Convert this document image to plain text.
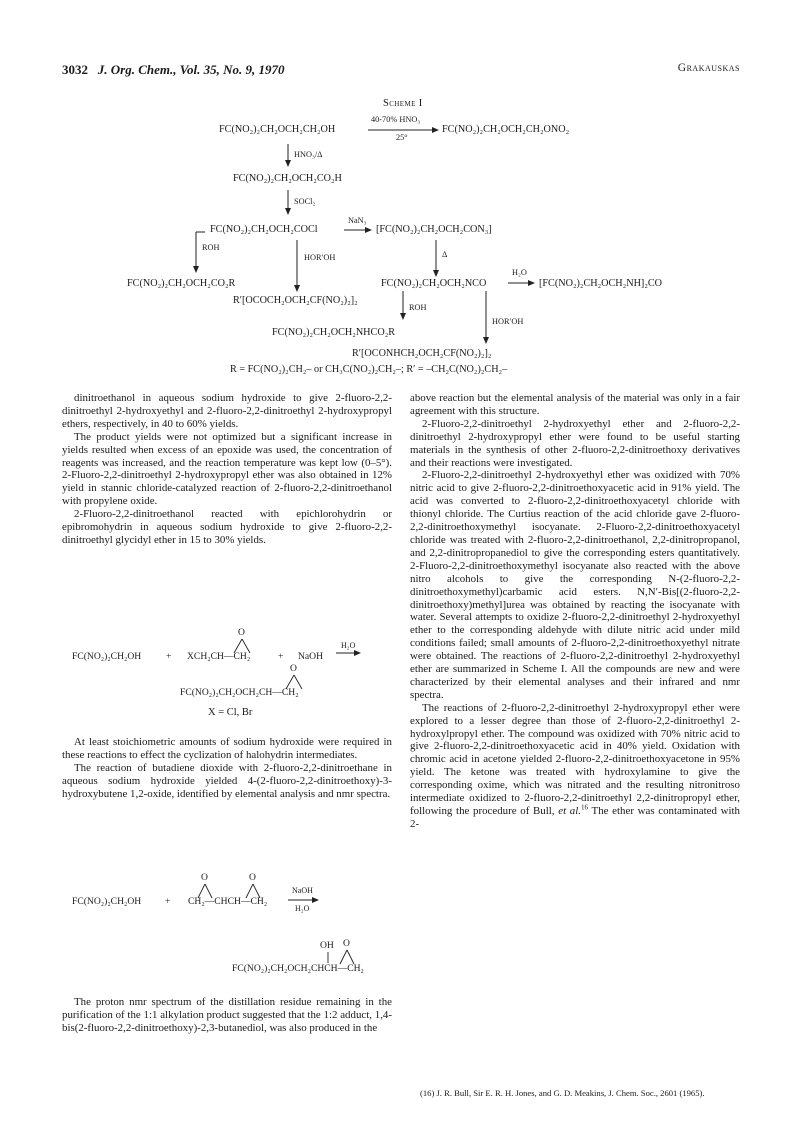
3032 J. Org. Chem., Vol. 35, No. 9, 1970	Grakauskas
Scheme I
FC(NO₂)₂CH₂OCH₂CH₂OH
40-70% HNO₃
25°
FC(NO₂)₂CH₂OCH₂CH₂ONO₂
HNO₃/Δ
FC(NO₂)₂CH₂OCH₂CO₂H
SOCl₂
FC(NO₂)₂CH₂OCH₂COCl
NaN₃
[FC(NO₂)₂CH₂OCH₂CON₃]
ROH
HOR′OH	Δ
FC(NO₂)₂CH₂OCH₂CO₂R	FC(NO₂)₂CH₂OCH₂NCO
H₂O
[FC(NO₂)₂CH₂OCH₂NH]₂CO
R′[OCOCH₂OCH₂CF(NO₂)₂]₂
ROH
HOR′OH
FC(NO₂)₂CH₂OCH₂NHCO₂R
R′[OCONHCH₂OCH₂CF(NO₂)₂]₂
R = FC(NO₂)₂CH₂– or CH₃C(NO₂)₂CH₂–; R′ = –CH₂C(NO₂)₂CH₂–

dinitroethanol in aqueous sodium hydroxide to give 2-fluoro-2,2-dinitroethyl 2-hydroxyethyl and 2-fluoro-2,2-dinitroethyl 2-hydroxypropyl ethers, respectively, in 40 to 60% yields.

The product yields were not optimized but a significant increase in yields resulted when excess of an epoxide was used, the concentration of reagents was increased, and the reaction temperature was kept low (0–5°). 2-Fluoro-2,2-dinitroethyl 2-hydroxypropyl ether was also obtained in 12% yield in stannic chloride-catalyzed reaction of 2-fluoro-2,2-dinitroethanol with propylene oxide.

2-Fluoro-2,2-dinitroethanol reacted with epichlorohydrin or epibromohydrin in aqueous sodium hydroxide to give 2-fluoro-2,2-dinitroethyl glycidyl ether in 15 to 30% yields.

O
FC(NO₂)₂CH₂OH	+ XCH₂CH—CH₂	+ NaOH
H₂O
O
FC(NO₂)₂CH₂OCH₂CH—CH₂
X = Cl, Br

At least stoichiometric amounts of sodium hydroxide were required in these reactions to effect the cyclization of halohydrin intermediates.

The reaction of butadiene dioxide with 2-fluoro-2,2-dinitroethane in aqueous sodium hydroxide yielded 4-(2-fluoro-2,2-dinitroethoxy)-3-hydroxybutene 1,2-oxide, identified by elemental analysis and nmr spectra.

O	O
FC(NO₂)₂CH₂OH + CH₂—CHCH—CH₂
NaOH
H₂O
OH O
FC(NO₂)₂CH₂OCH₂CHCH—CH₂

The proton nmr spectrum of the distillation residue remaining in the purification of the 1:1 alkylation product suggested that the 1:2 adduct, 1,4-bis(2-fluoro-2,2-dinitroethoxy)-2,3-butanediol, was also produced in the

above reaction but the elemental analysis of the material was only in a fair agreement with this structure.

2-Fluoro-2,2-dinitroethyl 2-hydroxyethyl ether and 2-fluoro-2,2-dinitroethyl 2-hydroxypropyl ether were found to be useful starting materials in the synthesis of other 2-fluoro-2,2-dinitroethoxy derivatives and their reactions were investigated.

2-Fluoro-2,2-dinitroethyl 2-hydroxyethyl ether was oxidized with 70% nitric acid to give 2-fluoro-2,2-dinitroethoxyacetic acid in 91% yield. The acid was converted to 2-fluoro-2,2-dinitroethoxyacetyl chloride with thionyl chloride. The Curtius reaction of the acid chloride gave 2-fluoro-2,2-dinitroethoxymethyl isocyanate. 2-Fluoro-2,2-dinitroethoxyacetyl chloride was treated with 2-fluoro-2,2-dinitroethanol, 2,2-dinitropropanol, and 2,2-dinitropropanediol to give the corresponding esters quantitatively. 2-Fluoro-2,2-dinitroethoxymethyl isocyanate also reacted with the above nitro alcohols to give the corresponding N-(2-fluoro-2,2-dinitroethoxymethyl)carbamic acid esters. N,N′-Bis[(2-fluoro-2,2-dinitroethoxy)methyl]urea was obtained by reacting the isocyanate with water. Several attempts to oxidize 2-fluoro-2,2-dinitroethyl 2-hydroxyethyl ether to the corresponding aldehyde with dilute nitric acid under mild conditions failed; small amounts of 2-fluoro-2,2-dinitroethoxyethyl nitrate were obtained. The reactions of 2-fluoro-2,2-dinitroethyl 2-hydroxyethyl ether are summarized in Scheme I. All the compounds are new and were characterized by their elemental analyses and their infrared and nmr spectra.

The reactions of 2-fluoro-2,2-dinitroethyl 2-hydroxypropyl ether were explored to a lesser degree than those of 2-fluoro-2,2-dinitroethyl 2-hydroxylpropyl ether. The compound was oxidized with 70% nitric acid to give 2-fluoro-2,2-dinitroethoxyacetic acid in 40% yield. Oxidation with chromic acid in acetone yielded 2-fluoro-2,2-dinitroethoxyacetone in 95% yield. The ketone was treated with hydroxylamine to give the corresponding oxime, which was nitrated and the resulting nitronitroso intermediate oxidized to 2-fluoro-2,2-dinitroethyl 2,2-dinitropropyl ether, following the procedure of Bull, et al.$^{16}$ The ether was contaminated with 2-

(16) J. R. Bull, Sir E. R. H. Jones, and G. D. Meakins, J. Chem. Soc., 2601 (1965).
